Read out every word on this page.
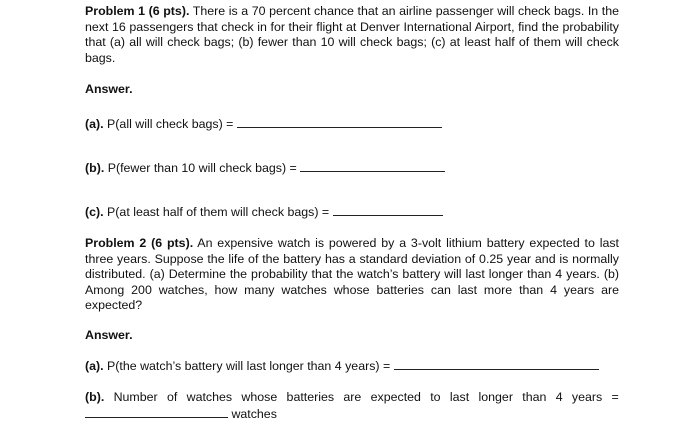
Problem 1 (6 pts). There is a 70 percent chance that an airline passenger will check bags. In the next 16 passengers that check in for their flight at Denver International Airport, find the probability that (a) all will check bags; (b) fewer than 10 will check bags; (c) at least half of them will check bags.

Answer.

(a). P(all will check bags) =

(b). P(fewer than 10 will check bags) =

(c). P(at least half of them will check bags) =

Problem 2 (6 pts). An expensive watch is powered by a 3-volt lithium battery expected to last three years. Suppose the life of the battery has a standard deviation of 0.25 year and is normally distributed. (a) Determine the probability that the watch’s battery will last longer than 4 years. (b) Among 200 watches, how many watches whose batteries can last more than 4 years are expected?

Answer.

(a). P(the watch’s battery will last longer than 4 years) =

(b). Number of watches whose batteries are expected to last longer than 4 years =
watches
